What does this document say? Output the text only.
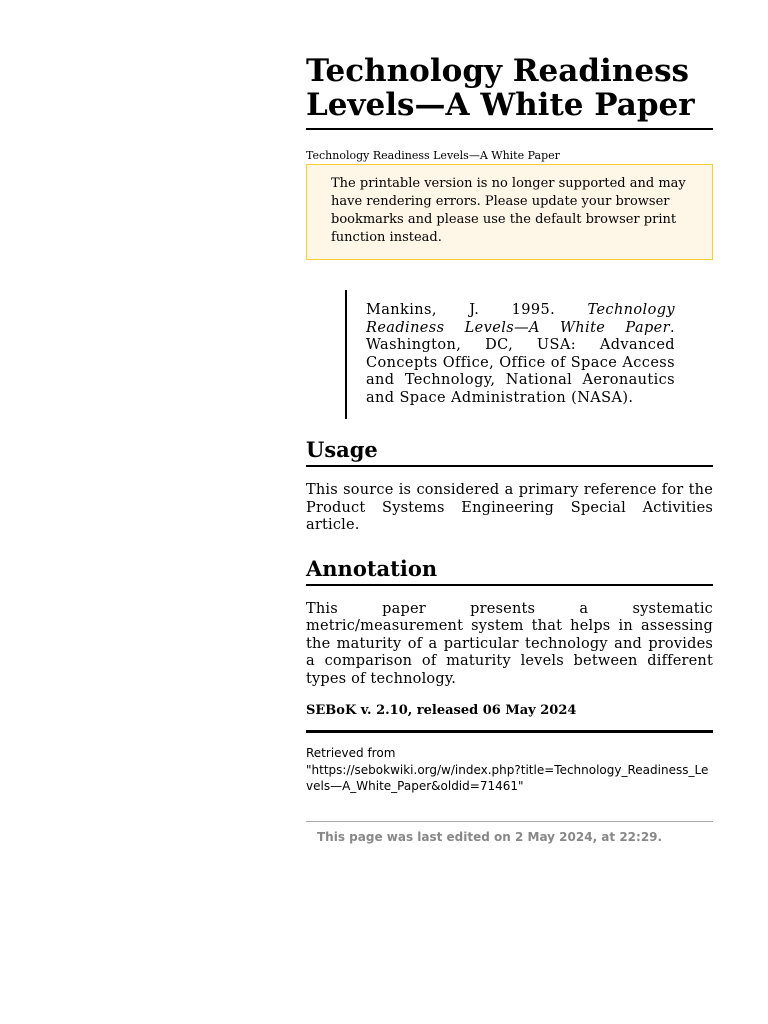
Technology Readiness Levels—A White Paper
Technology Readiness Levels—A White Paper
The printable version is no longer supported and may have rendering errors. Please update your browser bookmarks and please use the default browser print function instead.
Mankins, J. 1995. Technology Readiness Levels—A White Paper. Washington, DC, USA: Advanced Concepts Office, Office of Space Access and Technology, National Aeronautics and Space Administration (NASA).
Usage

This source is considered a primary reference for the Product Systems Engineering Special Activities article.

Annotation

This paper presents a systematic metric/measurement system that helps in assessing the maturity of a particular technology and provides a comparison of maturity levels between different types of technology.

SEBoK v. 2.10, released 06 May 2024

Retrieved from
"https://sebokwiki.org/w/index.php?title=Technology_Readiness_Levels—A_White_Paper&oldid=71461"
This page was last edited on 2 May 2024, at 22:29.
